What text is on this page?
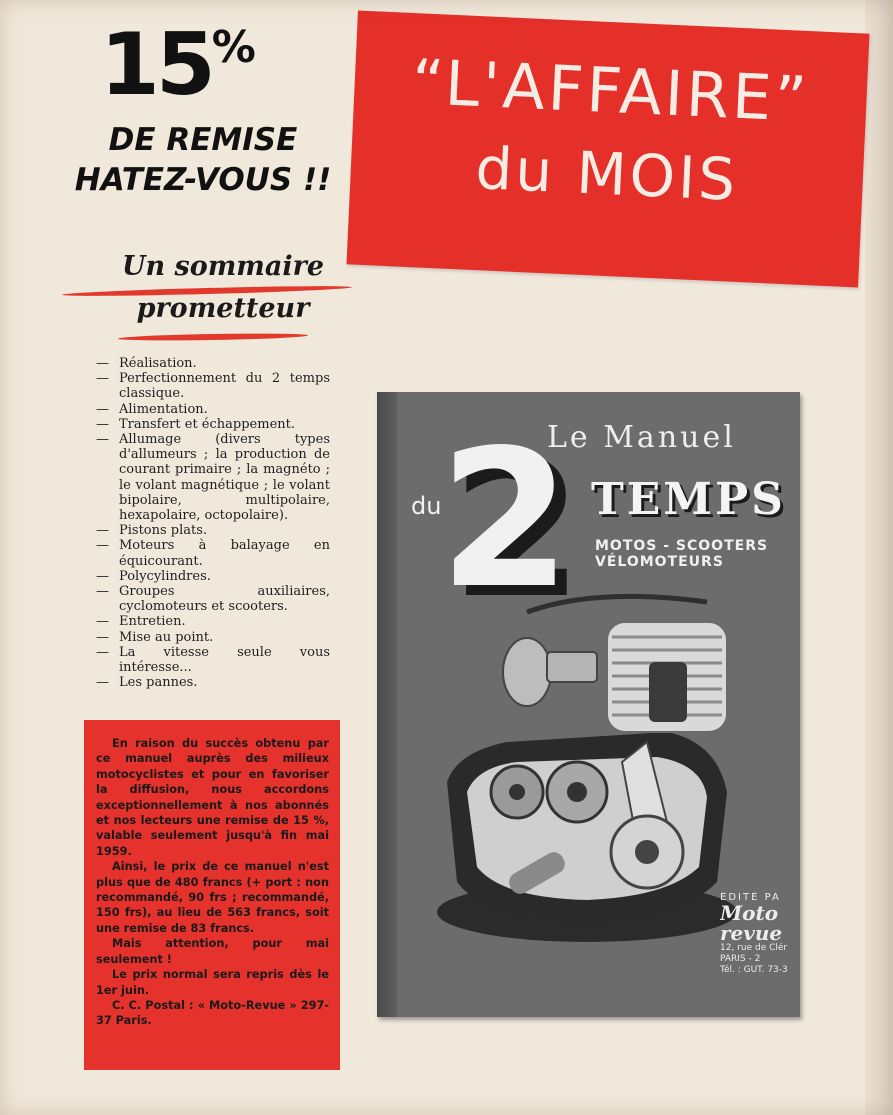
15%
DE REMISE
HATEZ-VOUS !!
“L'AFFAIRE”
du MOIS
Un sommaire
prometteur
— Réalisation.
— Perfectionnement du 2 temps classique.
— Alimentation.
— Transfert et échappement.
— Allumage (divers types d'allumeurs ; la production de courant primaire ; la magnéto ; le volant magnétique ; le volant bipolaire, multipolaire, hexapolaire, octopolaire).
— Pistons plats.
— Moteurs à balayage en équicourant.
— Polycylindres.
— Groupes auxiliaires, cyclomoteurs et scooters.
— Entretien.
— Mise au point.
— La vitesse seule vous intéresse...
— Les pannes.

En raison du succès obtenu par ce manuel auprès des milieux motocyclistes et pour en favoriser la diffusion, nous accordons exceptionnellement à nos abonnés et nos lecteurs une remise de 15 %, valable seulement jusqu'à fin mai 1959.

Ainsi, le prix de ce manuel n'est plus que de 480 francs (+ port : non recommandé, 90 frs ; recommandé, 150 frs), au lieu de 563 francs, soit une remise de 83 francs.

Mais attention, pour mai seulement !

Le prix normal sera repris dès le 1er juin.

C. C. Postal : « Moto-Revue » 297-37 Paris.

2
du
Le Manuel
TEMPS
MOTOS - SCOOTERS
VÉLOMOTEURS
ÉDITÉ PA
Moto
revue
12, rue de Clér
PARIS - 2
Tél. : GUT. 73-3
